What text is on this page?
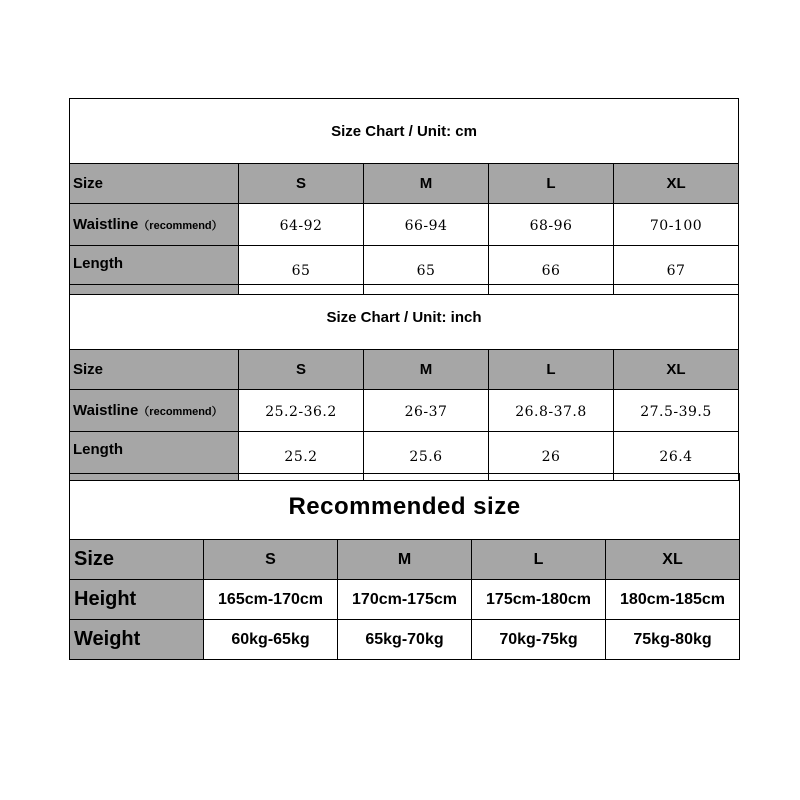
Size Chart / Unit: cm				
Size	S	M	L	XL
Waistline（recommend）	64-92	66-94	68-96	70-100
Length	65	65	66	67
Size Chart / Unit: inch				
Size	S	M	L	XL
Waistline（recommend）	25.2-36.2	26-37	26.8-37.8	27.5-39.5
Length	25.2	25.6	26	26.4
Recommended size				
Size	S	M	L	XL
Height	165cm-170cm	170cm-175cm	175cm-180cm	180cm-185cm
Weight	60kg-65kg	65kg-70kg	70kg-75kg	75kg-80kg
